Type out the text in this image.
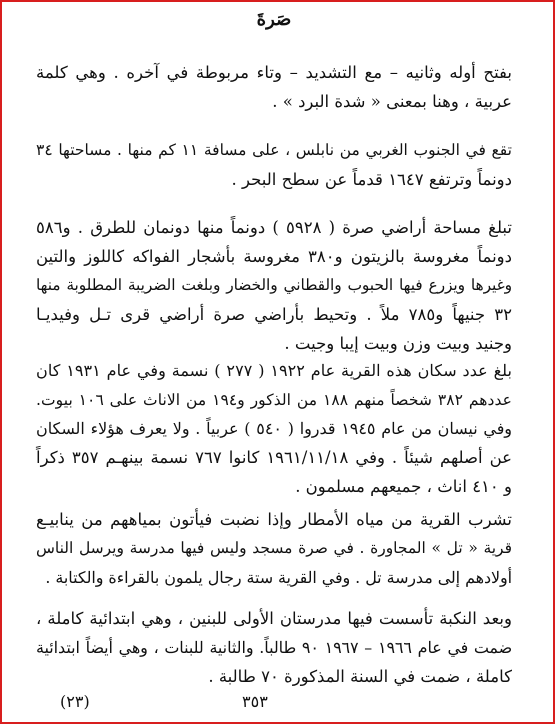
صَرةَ
بفتح أوله وثانيه – مع التشديد – وتاء مربوطة في آخره . وهي كلمة
عربية ، وهنا بمعنى « شدة البرد » .
تقع في الجنوب الغربي من نابلس ، على مسافة ١١ كم منها . مساحتها ٣٤
دونماً وترتفع ١٦٤٧ قدماً عن سطح البحر .
تبلغ مساحة أراضي صرة ( ٥٩٢٨ ) دونماً منها دونمان للطرق . و٥٨٦
دونماً مغروسة بالزيتون و٣٨٠ مغروسة بأشجار الفواكه كاللوز والتين
وغيرها ويزرع فيها الحبوب والقطاني والخضار وبلغت الضريبة المطلوبة منها
٣٢ جنيهاً و٧٨٥ ملاً . وتحيط بأراضي صرة أراضي قرى تـل وفيديـا
وجنيد وبيت وزن وبيت إيبا وجيت .
بلغ عدد سكان هذه القرية عام ١٩٢٢ ( ٢٧٧ ) نسمة وفي عام ١٩٣١ كان
عددهم ٣٨٢ شخصاً منهم ١٨٨ من الذكور و١٩٤ من الاناث على ١٠٦ بيوت.
وفي نيسان من عام ١٩٤٥ قدروا ( ٥٤٠ ) عربياً . ولا يعرف هؤلاء السكان
عن أصلهم شيئاً . وفي ١٩٦١/١١/١٨ كانوا ٧٦٧ نسمة بينهـم ٣٥٧ ذكراً
و ٤١٠ اناث ، جميعهم مسلمون .
تشرب القرية من مياه الأمطار وإذا نضبت فيأتون بمياههم من ينابيـع
قرية « تل » المجاورة . في صرة مسجد وليس فيها مدرسة ويرسل الناس
أولادهم إلى مدرسة تل . وفي القرية ستة رجال يلمون بالقراءة والكتابة .
وبعد النكبة تأسست فيها مدرستان الأولى للبنين ، وهي ابتدائية كاملة ،
ضمت في عام ١٩٦٦ – ١٩٦٧ ٩٠ طالباً. والثانية للبنات ، وهي أيضاً ابتدائية
كاملة ، ضمت في السنة المذكورة ٧٠ طالبة .
(٢٣)	٣٥٣
